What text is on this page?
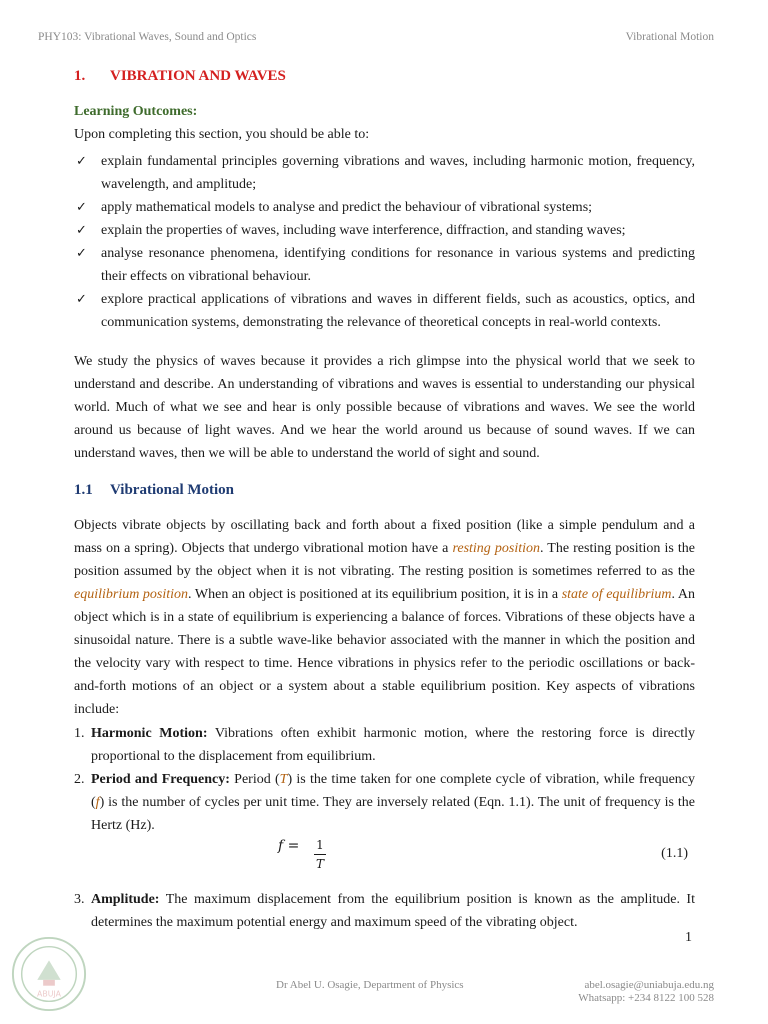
PHY103: Vibrational Waves, Sound and Optics	Vibrational Motion
1. VIBRATION AND WAVES
Learning Outcomes:
Upon completing this section, you should be able to:
✓ explain fundamental principles governing vibrations and waves, including harmonic motion, frequency, wavelength, and amplitude;
✓ apply mathematical models to analyse and predict the behaviour of vibrational systems;
✓ explain the properties of waves, including wave interference, diffraction, and standing waves;
✓ analyse resonance phenomena, identifying conditions for resonance in various systems and predicting their effects on vibrational behaviour.
✓ explore practical applications of vibrations and waves in different fields, such as acoustics, optics, and communication systems, demonstrating the relevance of theoretical concepts in real-world contexts.

We study the physics of waves because it provides a rich glimpse into the physical world that we seek to understand and describe. An understanding of vibrations and waves is essential to understanding our physical world. Much of what we see and hear is only possible because of vibrations and waves. We see the world around us because of light waves. And we hear the world around us because of sound waves. If we can understand waves, then we will be able to understand the world of sight and sound.

1.1 Vibrational Motion

Objects vibrate objects by oscillating back and forth about a fixed position (like a simple pendulum and a mass on a spring). Objects that undergo vibrational motion have a resting position. The resting position is the position assumed by the object when it is not vibrating. The resting position is sometimes referred to as the equilibrium position. When an object is positioned at its equilibrium position, it is in a state of equilibrium. An object which is in a state of equilibrium is experiencing a balance of forces. Vibrations of these objects have a sinusoidal nature. There is a subtle wave-like behavior associated with the manner in which the position and the velocity vary with respect to time. Hence vibrations in physics refer to the periodic oscillations or back-and-forth motions of an object or a system about a stable equilibrium position. Key aspects of vibrations include:

1. Harmonic Motion: Vibrations often exhibit harmonic motion, where the restoring force is directly proportional to the displacement from equilibrium.
2. Period and Frequency: Period (T) is the time taken for one complete cycle of vibration, while frequency (f) is the number of cycles per unit time. They are inversely related (Eqn. 1.1). The unit of frequency is the Hertz (Hz).
f = 1
T
(1.1)
3. Amplitude: The maximum displacement from the equilibrium position is known as the amplitude. It determines the maximum potential energy and maximum speed of the vibrating object.
1
ABUJA
Dr Abel U. Osagie, Department of Physics	abel.osagie@uniabuja.edu.ng
Whatsapp: +234 8122 100 528
